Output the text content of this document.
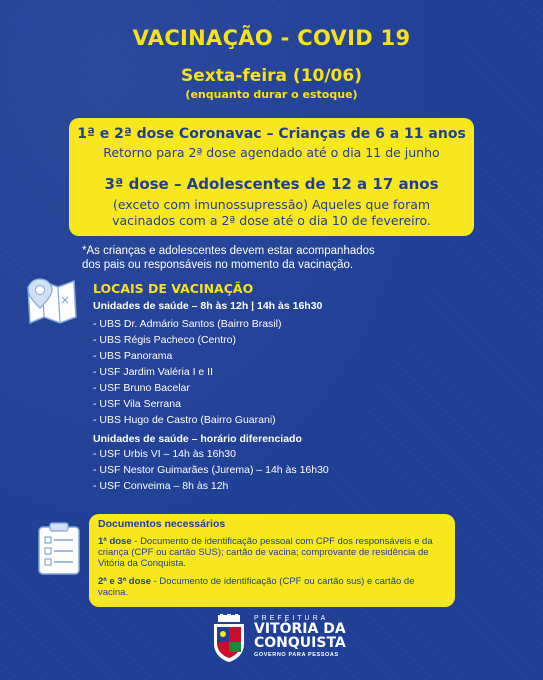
VACINAÇÃO - COVID 19
Sexta-feira (10/06)
(enquanto durar o estoque)
1ª e 2ª dose Coronavac – Crianças de 6 a 11 anos
Retorno para 2ª dose agendado até o dia 11 de junho
3ª dose – Adolescentes de 12 a 17 anos
(exceto com imunossupressão) Aqueles que foram
vacinados com a 2ª dose até o dia 10 de fevereiro.
*As crianças e adolescentes devem estar acompanhados
dos pais ou responsáveis no momento da vacinação.
LOCAIS DE VACINAÇÃO
Unidades de saúde – 8h às 12h | 14h às 16h30
- UBS Dr. Admário Santos (Bairro Brasil)
- UBS Régis Pacheco (Centro)
- UBS Panorama
- USF Jardim Valéria I e II
- USF Bruno Bacelar
- USF Vila Serrana
- UBS Hugo de Castro (Bairro Guarani)
Unidades de saúde – horário diferenciado
- USF Urbis VI – 14h às 16h30
- USF Nestor Guimarães (Jurema) – 14h às 16h30
- USF Conveima – 8h às 12h
Documentos necessários
1ª dose - Documento de identificação pessoal com CPF dos responsáveis e da criança (CPF ou cartão SUS); cartão de vacina; comprovante de residência de Vitória da Conquista.
2ª e 3ª dose - Documento de identificação (CPF ou cartão sus) e cartão de vacina.
PREFEITURA
VITÓRIA DA
CONQUISTA
GOVERNO PARA PESSOAS
